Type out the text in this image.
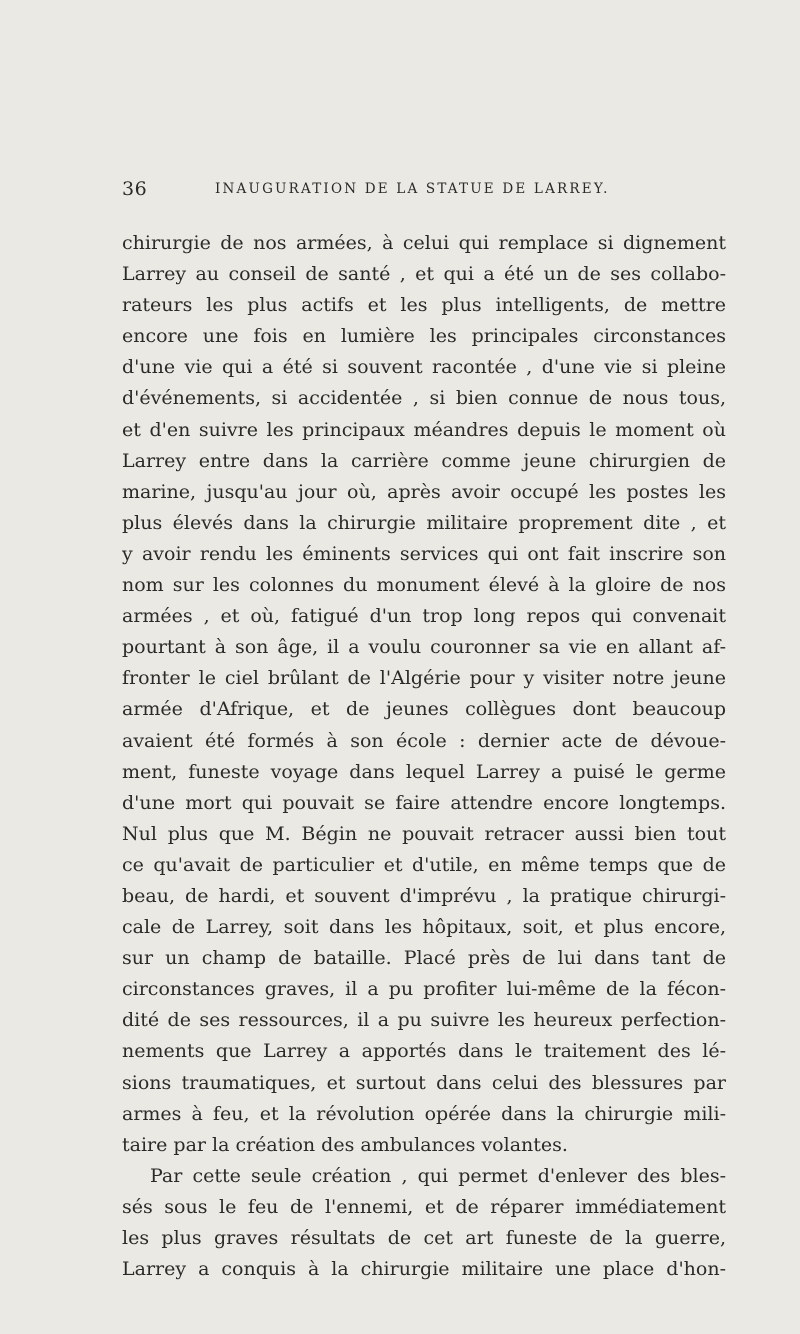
36	INAUGURATION DE LA STATUE DE LARREY.
chirurgie de nos armées, à celui qui remplace si dignement
Larrey au conseil de santé , et qui a été un de ses collabo-
rateurs les plus actifs et les plus intelligents, de mettre
encore une fois en lumière les principales circonstances
d'une vie qui a été si souvent racontée , d'une vie si pleine
d'événements, si accidentée , si bien connue de nous tous,
et d'en suivre les principaux méandres depuis le moment où
Larrey entre dans la carrière comme jeune chirurgien de
marine, jusqu'au jour où, après avoir occupé les postes les
plus élevés dans la chirurgie militaire proprement dite , et
y avoir rendu les éminents services qui ont fait inscrire son
nom sur les colonnes du monument élevé à la gloire de nos
armées , et où, fatigué d'un trop long repos qui convenait
pourtant à son âge, il a voulu couronner sa vie en allant af-
fronter le ciel brûlant de l'Algérie pour y visiter notre jeune
armée d'Afrique, et de jeunes collègues dont beaucoup
avaient été formés à son école : dernier acte de dévoue-
ment, funeste voyage dans lequel Larrey a puisé le germe
d'une mort qui pouvait se faire attendre encore longtemps.
Nul plus que M. Bégin ne pouvait retracer aussi bien tout
ce qu'avait de particulier et d'utile, en même temps que de
beau, de hardi, et souvent d'imprévu , la pratique chirurgi-
cale de Larrey, soit dans les hôpitaux, soit, et plus encore,
sur un champ de bataille. Placé près de lui dans tant de
circonstances graves, il a pu profiter lui-même de la fécon-
dité de ses ressources, il a pu suivre les heureux perfection-
nements que Larrey a apportés dans le traitement des lé-
sions traumatiques, et surtout dans celui des blessures par
armes à feu, et la révolution opérée dans la chirurgie mili-
taire par la création des ambulances volantes.
Par cette seule création , qui permet d'enlever des bles-
sés sous le feu de l'ennemi, et de réparer immédiatement
les plus graves résultats de cet art funeste de la guerre,
Larrey a conquis à la chirurgie militaire une place d'hon-
